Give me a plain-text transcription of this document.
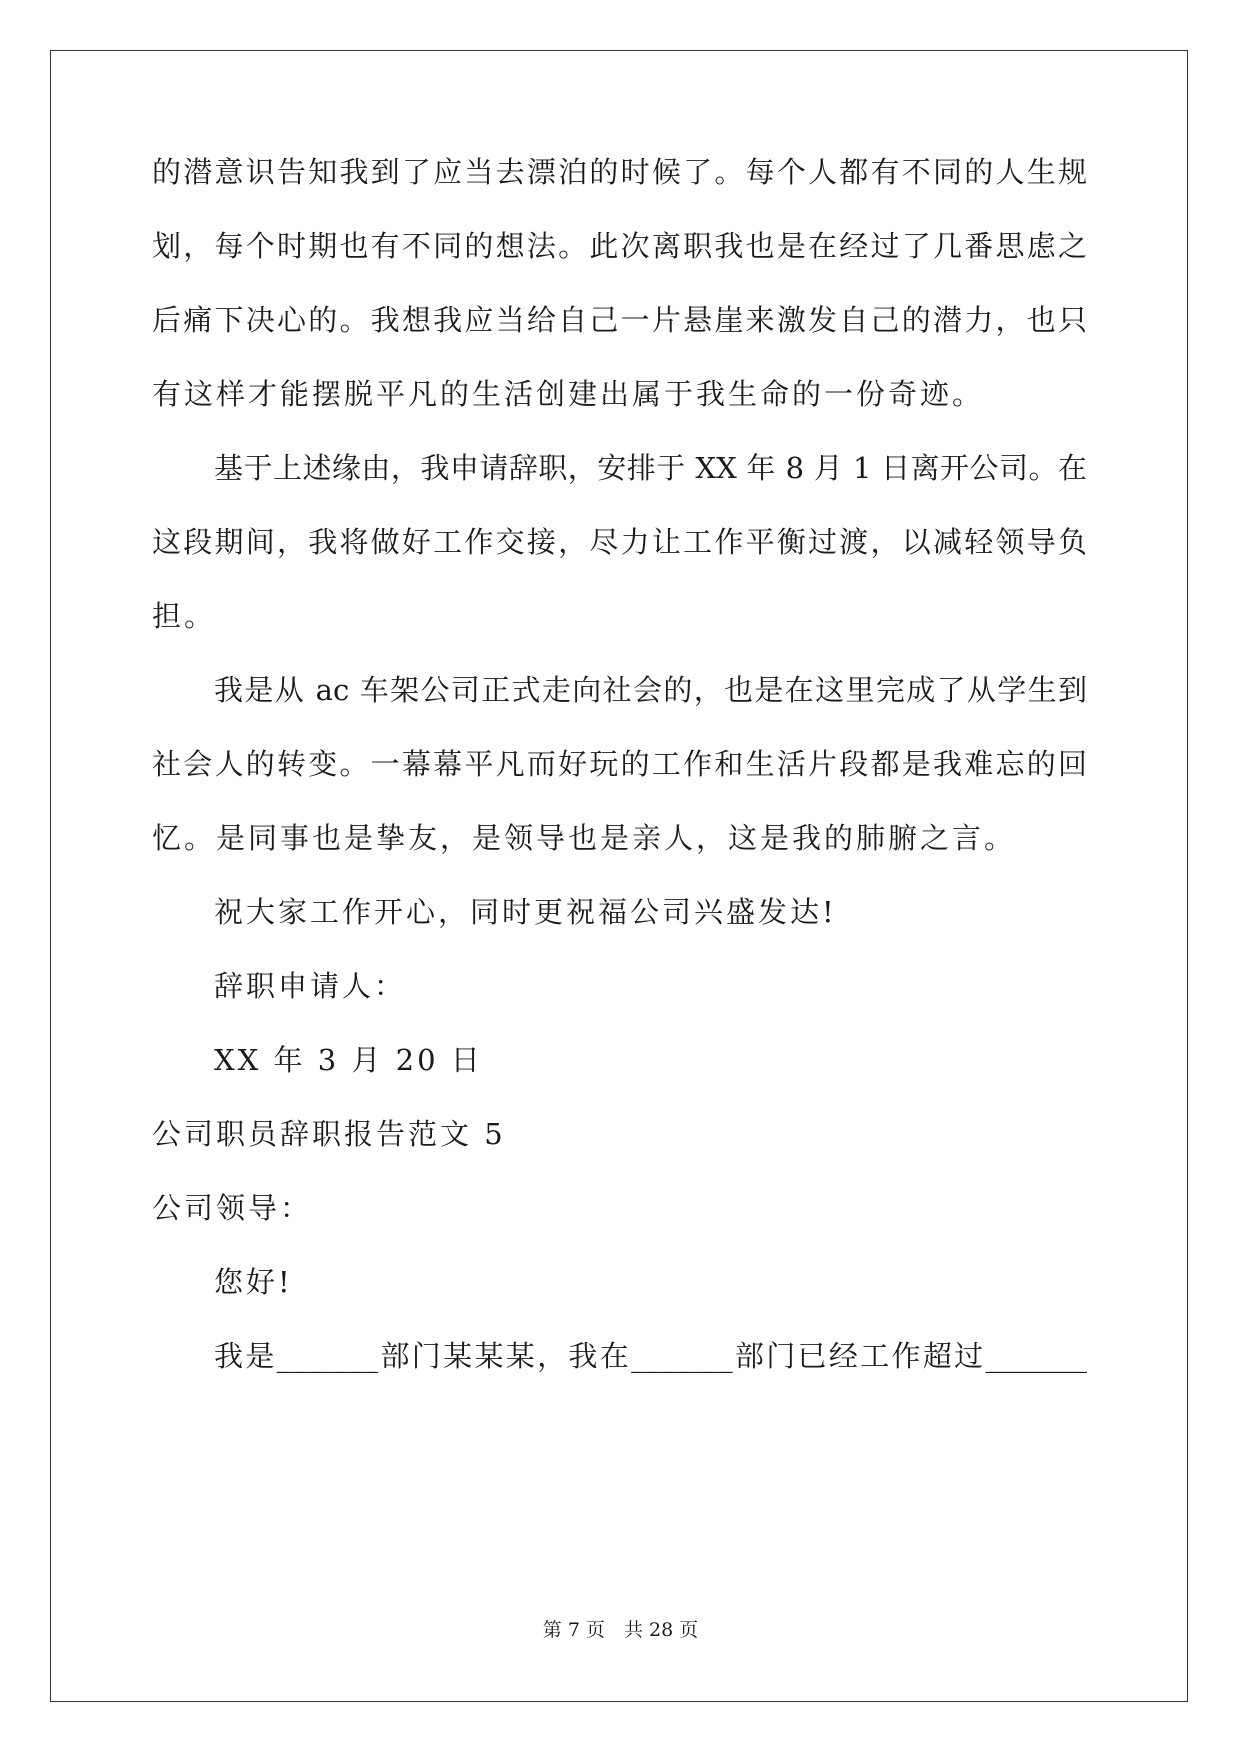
的潜意识告知我到了应当去漂泊的时候了。每个人都有不同的人生规
划，每个时期也有不同的想法。此次离职我也是在经过了几番思虑之
后痛下决心的。我想我应当给自己一片悬崖来激发自己的潜力，也只
有这样才能摆脱平凡的生活创建出属于我生命的一份奇迹。
基于上述缘由，我申请辞职，安排于 XX 年 8 月 1 日离开公司。在
这段期间，我将做好工作交接，尽力让工作平衡过渡，以减轻领导负
担。
我是从 ac 车架公司正式走向社会的，也是在这里完成了从学生到
社会人的转变。一幕幕平凡而好玩的工作和生活片段都是我难忘的回
忆。是同事也是挚友，是领导也是亲人，这是我的肺腑之言。
祝大家工作开心，同时更祝福公司兴盛发达!
辞职申请人：
XX 年 3 月 20 日
公司职员辞职报告范文 5
公司领导：
您好!
我是_______部门某某某，我在_______部门已经工作超过_______
第 7 页　共 28 页
